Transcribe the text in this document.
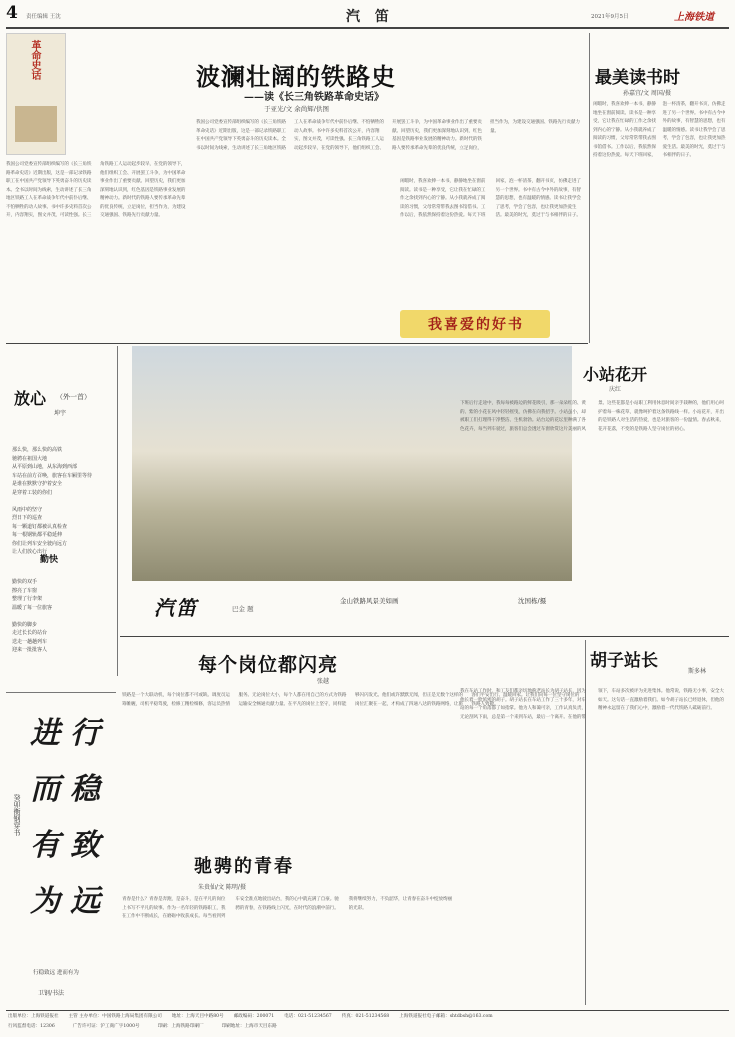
4 责任编辑 王沈	汽 笛	2021年9月5日	上海铁道
革命史话	波澜壮阔的铁路史
——读《长三角铁路革命史话》
于亚光/文 余尚辉/供图
我国公司党委宣传部组织编写的《长三角铁路革命史话》近期出版，这是一部记录铁路职工在中国共产党领导下英勇奋斗的历史读本。全书以时间为线索，生动讲述了长三角地区铁路工人在革命战争年代中前仆后继、不怕牺牲的动人故事。书中许多史料首次公开，内容翔实，图文并茂，可读性强。长三角铁路工人运动起步较早，在党的领导下，他们组织工会、开展罢工斗争，为中国革命事业作出了重要贡献。回望历史，我们更加深刻地认识到，红色基因是铁路事业发展的精神动力。新时代的铁路人要传承革命先辈的优良传统，立足岗位，担当作为，为建设交通强国、铁路先行贡献力量。
我国公司党委宣传部组织编写的《长三角铁路革命史话》近期出版，这是一部记录铁路职工在中国共产党领导下英勇奋斗的历史读本。全书以时间为线索，生动讲述了长三角地区铁路工人在革命战争年代中前仆后继、不怕牺牲的动人故事。书中许多史料首次公开，内容翔实，图文并茂，可读性强。长三角铁路工人运动起步较早，在党的领导下，他们组织工会、开展罢工斗争，为中国革命事业作出了重要贡献。回望历史，我们更加深刻地认识到，红色基因是铁路事业发展的精神动力。新时代的铁路人要传承革命先辈的优良传统，立足岗位，担当作为，为建设交通强国、铁路先行贡献力量。
最美读书时
孙嘉宜/文 周国/摄
闲暇时，我喜欢捧一本书，静静地坐在窗前阅读。读书是一种享受，它让我在忙碌的工作之余找到内心的宁静。从小我就养成了阅读的习惯，父母常常带我去图书馆借书。工作以后，我依然保持着这份热爱。每天下班回家，泡一杯清茶，翻开书页，仿佛走进了另一个世界。书中有古今中外的故事，有智慧的思想，也有温暖的情感。读书让我学会了思考，学会了包容，也让我更加热爱生活。最美的时光，莫过于与书相伴的日子。
闲暇时，我喜欢捧一本书，静静地坐在窗前阅读。读书是一种享受，它让我在忙碌的工作之余找到内心的宁静。从小我就养成了阅读的习惯，父母常常带我去图书馆借书。工作以后，我依然保持着这份热爱。每天下班回家，泡一杯清茶，翻开书页，仿佛走进了另一个世界。书中有古今中外的故事，有智慧的思想，也有温暖的情感。读书让我学会了思考，学会了包容，也让我更加热爱生活。最美的时光，莫过于与书相伴的日子。
我喜爱的好书
放心 （外一首）
坤宇
那么快，那么快的高铁
驰骋在祖国大地
从平原到山地，从东海到西部
车站在前方召唤，旅客在车厢里等待
是谁在默默守护着安全
是穿着工装的你们
风雨中的坚守
烈日下的巡查
每一颗道钉都被认真检查
每一根钢轨都平稳延伸
你们让列车安全驶向远方
让人们放心出行
勤快
勤快的双手
擦亮了车窗
整理了行李架
温暖了每一位旅客
勤快的脚步
走过长长的站台
送走一趟趟列车
迎来一批批客人
汽笛	巴金 题
金山铁路风景美如画	沈国栋/摄
小站花开
庆红
下班后行走途中，我每每被路边的鲜花吸引，那一朵朵红的、黄的、紫的小花在风中轻轻摇曳，仿佛在向我招手。小站虽小，却被职工们打理得干净整洁、生机勃勃。站台边的花坛里种满了各色花卉，每当列车驶过，旅客们总会透过车窗欣赏这片美丽的风景。这些花都是小站职工利用休息时间亲手栽种的，他们用心呵护着每一株花草，就像呵护着这条铁路线一样。小站花开，开出的是铁路人对生活的热爱，也是对旅客的一份温情。春去秋来，花开花落，不变的是铁路人坚守岗位的初心。
每个岗位都闪亮
张越
铁路是一个大联动机，每个岗位都不可或缺。调度员运筹帷幄，司机平稳驾驶，检修工精检细修，客运员热情服务。无论岗位大小，每个人都在用自己的方式为铁路运输安全畅通贡献力量。在平凡的岗位上坚守，同样能够闪闪发光。他们或许默默无闻，但正是无数个这样的岗位汇聚在一起，才构成了四通八达的铁路网络，让旅客们平安出行、温暖回家。让我们向每一位坚守岗位的铁路人致敬。
胡子站长
斯多林
我在车站工作时，和工友们都亲切地称老站长为胡子站长，因为他长着一脸浓密的胡子。胡子站长在车站工作了三十多年，对车站的每一个角落都了如指掌。他为人和蔼可亲，工作认真负责，无论刮风下雨，总是第一个来到车站，最后一个离开。在他的带领下，车站多次被评为先进集体。他常说，铁路无小事，安全大如天。这句话一直激励着我们。如今胡子站长已经退休，但他的精神永远留在了我们心中，激励着一代代铁路人砥砺前行。
驰骋的青春
朱贵仙/文 陈明/摄
青春是什么？青春是奔跑，是奋斗，是在平凡的岗位上书写不平凡的故事。作为一名年轻的铁路职工，我在工作中不断成长，在磨砺中收获成长。每当看到列车安全准点地驶出站台，我的心中就充满了自豪。驰骋的青春，在铁路线上闪光，在时代的浪潮中前行。我将继续努力，不负韶华，让青春在奋斗中绽放绚丽的光彩。
行
稳
致
远
进
而
有
为
癸卯衡钢穿书
行稳致远 进而有为
卫钢/书法
出版单位：上海铁道报社 主管 主办单位：中国铁路上海局集团有限公司 地址：上海天目中路80号 邮政编码：200071 电话：021-51234567 传真：021-51234568 上海铁道报社电子邮箱：shtdbsh@163.com
行风监督电话：12306	广告许可证：沪工商广字1000号	印刷：上海铁路印刷厂	印刷地址：上海市天目东路
